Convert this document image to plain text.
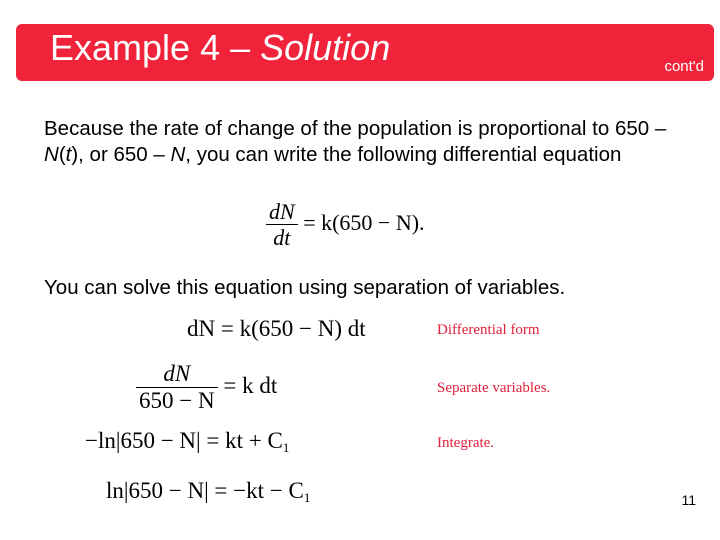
Example 4 – Solution	cont'd
Because the rate of change of the population is proportional to 650 – N(t), or 650 – N, you can write the following differential equation
$\frac{dN}{dt} = k(650 - N)$.
You can solve this equation using separation of variables.
dN = k(650 − N) dt	Differential form
$\frac{dN}{650 - N} = k$ dt	Separate variables.
−ln|650 − N| = kt + $C_1$	Integrate.
$\ln|650 - N| = -kt - C_1$	11
